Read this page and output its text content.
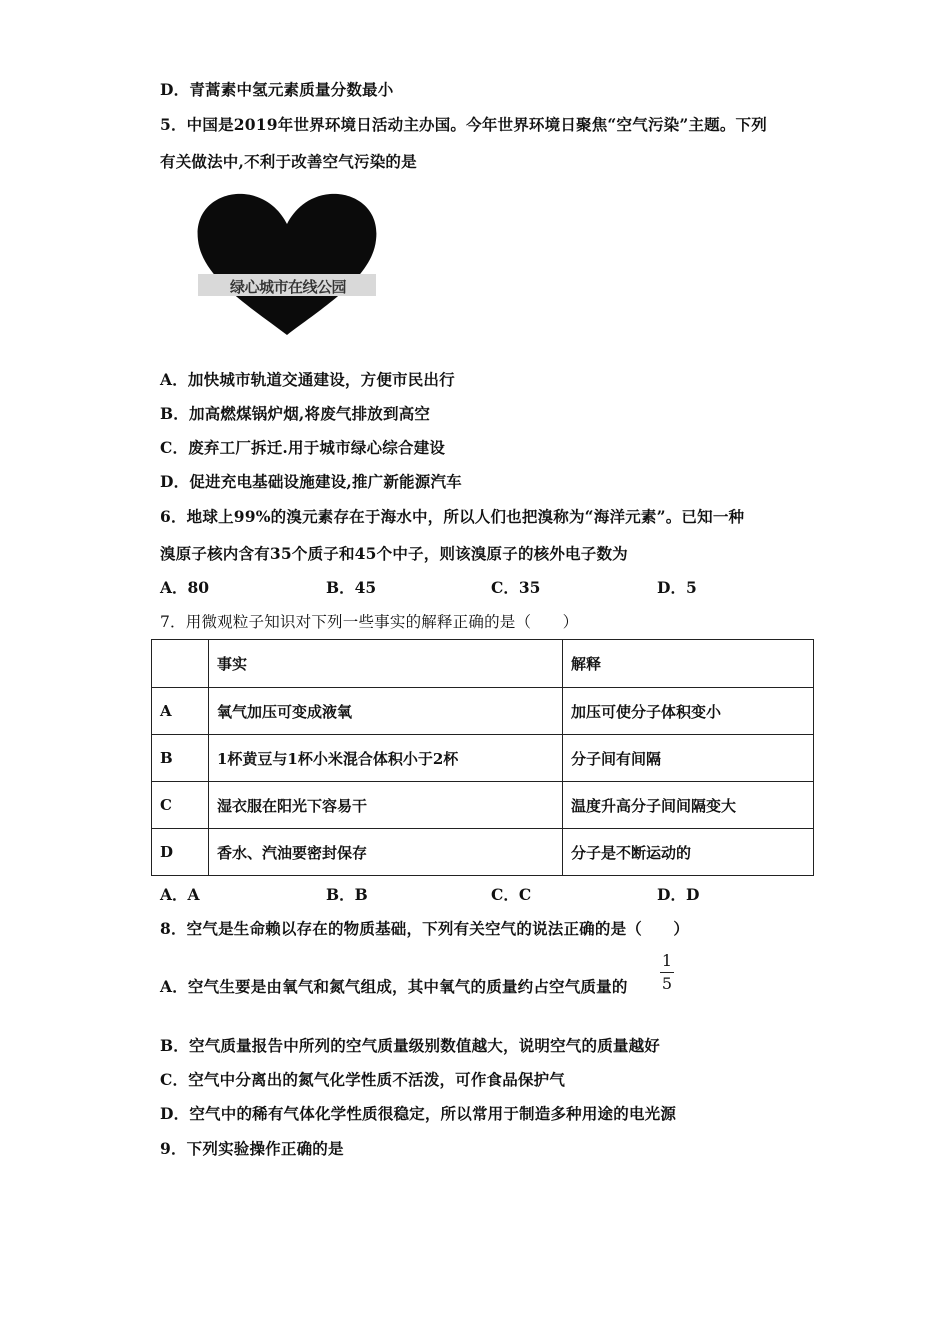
D．青蒿素中氢元素质量分数最小
5．中国是2019年世界环境日活动主办国。今年世界环境日聚焦“空气污染”主题。下列
有关做法中,不利于改善空气污染的是
绿心城市在线公园
A．加快城市轨道交通建设，方便市民出行
B．加高燃煤锅炉烟,将废气排放到高空
C．废弃工厂拆迁.用于城市绿心综合建设
D．促进充电基础设施建设,推广新能源汽车
6．地球上99%的溴元素存在于海水中，所以人们也把溴称为“海洋元素”。已知一种
溴原子核内含有35个质子和45个中子，则该溴原子的核外电子数为
A．80	B．45	C．35	D．5
7．用微观粒子知识对下列一些事实的解释正确的是（　　）
	事实	解释
A	氧气加压可变成液氧	加压可使分子体积变小
B	1杯黄豆与1杯小米混合体积小于2杯	分子间有间隔
C	湿衣服在阳光下容易干	温度升高分子间间隔变大
D	香水、汽油要密封保存	分子是不断运动的
A．A	B．B	C．C	D．D
8．空气是生命赖以存在的物质基础，下列有关空气的说法正确的是（　　）
A．空气生要是由氧气和氮气组成，其中氧气的质量约占空气质量的
1
5
B．空气质量报告中所列的空气质量级别数值越大，说明空气的质量越好
C．空气中分离出的氮气化学性质不活泼，可作食品保护气
D．空气中的稀有气体化学性质很稳定，所以常用于制造多种用途的电光源
9．下列实验操作正确的是
